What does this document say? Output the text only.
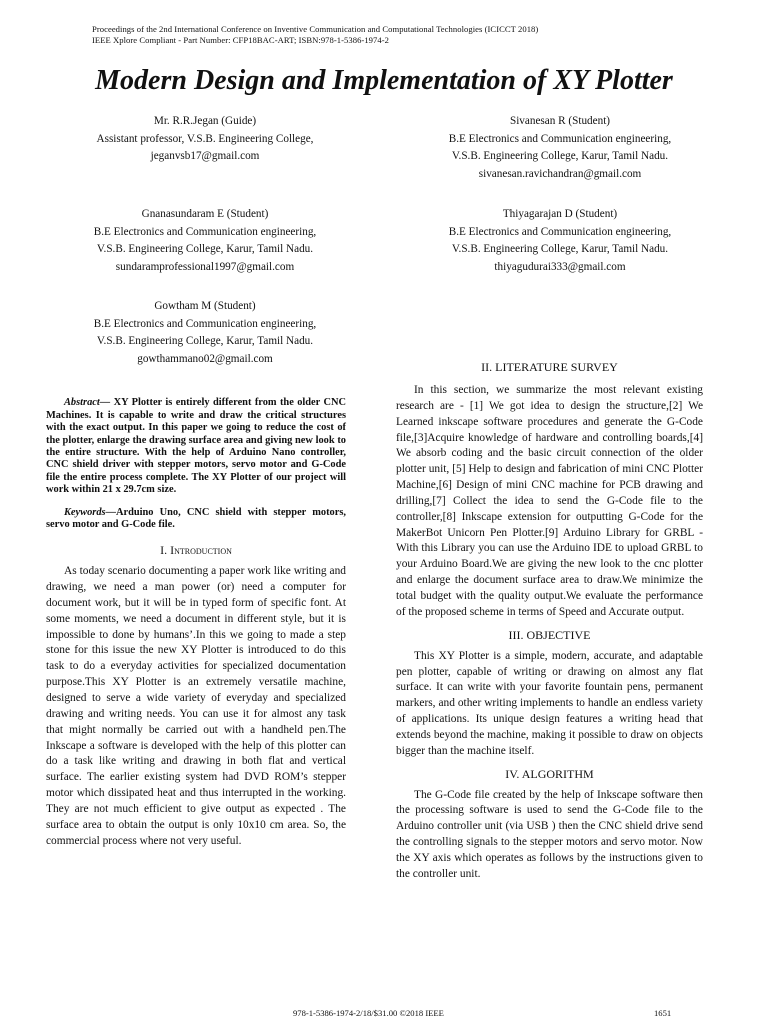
Proceedings of the 2nd International Conference on Inventive Communication and Computational Technologies (ICICCT 2018)
IEEE Xplore Compliant - Part Number: CFP18BAC-ART; ISBN:978-1-5386-1974-2
Modern Design and Implementation of XY Plotter
Mr. R.R.Jegan (Guide)
Assistant professor, V.S.B. Engineering College,
jeganvsb17@gmail.com
Sivanesan R (Student)
B.E Electronics and Communication engineering,
V.S.B. Engineering College, Karur, Tamil Nadu.
sivanesan.ravichandran@gmail.com
Gnanasundaram E (Student)
B.E Electronics and Communication engineering,
V.S.B. Engineering College, Karur, Tamil Nadu.
sundaramprofessional1997@gmail.com
Thiyagarajan D (Student)
B.E Electronics and Communication engineering,
V.S.B. Engineering College, Karur, Tamil Nadu.
thiyagudurai333@gmail.com
Gowtham M (Student)
B.E Electronics and Communication engineering,
V.S.B. Engineering College, Karur, Tamil Nadu.
gowthammano02@gmail.com

Abstract— XY Plotter is entirely different from the older CNC Machines. It is capable to write and draw the critical structures with the exact output. In this paper we going to reduce the cost of the plotter, enlarge the drawing surface area and giving new look to the entire structure. With the help of Arduino Nano controller, CNC shield driver with stepper motors, servo motor and G-Code file the entire process complete. The XY Plotter of our project will work within 21 x 29.7cm size.

Keywords—Arduino Uno, CNC shield with stepper motors, servo motor and G-Code file.

I. Introduction

As today scenario documenting a paper work like writing and drawing, we need a man power (or) need a computer for document work, but it will be in typed form of specific font. At some moments, we need a document in different style, but it is impossible to done by humans’.In this we going to made a step stone for this issue the new XY Plotter is introduced to do this task to do a everyday activities for specialized documentation purpose.This XY Plotter is an extremely versatile machine, designed to serve a wide variety of everyday and specialized drawing and writing needs. You can use it for almost any task that might normally be carried out with a handheld pen.The Inkscape a software is developed with the help of this plotter can do a task like writing and drawing in both flat and vertical surface. The earlier existing system had DVD ROM’s stepper motor which dissipated heat and thus interrupted in the working. They are not much efficient to give output as expected . The surface area to obtain the output is only 10x10 cm area. So, the commercial process where not very useful.

II. LITERATURE SURVEY

In this section, we summarize the most relevant existing research are - [1] We got idea to design the structure,[2] We Learned inkscape software procedures and generate the G-Code file,[3]Acquire knowledge of hardware and controlling boards,[4] We absorb coding and the basic circuit connection of the older plotter unit, [5] Help to design and fabrication of mini CNC Plotter Machine,[6] Design of mini CNC machine for PCB drawing and drilling,[7] Collect the idea to send the G-Code file to the controller,[8] Inkscape extension for outputting G-Code for the MakerBot Unicorn Pen Plotter.[9] Arduino Library for GRBL - With this Library you can use the Arduino IDE to upload GRBL to your Arduino Board.We are giving the new look to the cnc plotter and enlarge the document surface area to draw.We minimize the total budget with the quality output.We evaluate the performance of the proposed scheme in terms of Speed and Accurate output.

III. OBJECTIVE

This XY Plotter is a simple, modern, accurate, and adaptable pen plotter, capable of writing or drawing on almost any flat surface. It can write with your favorite fountain pens, permanent markers, and other writing implements to handle an endless variety of applications. Its unique design features a writing head that extends beyond the machine, making it possible to draw on objects bigger than the machine itself.

IV. ALGORITHM

The G-Code file created by the help of Inkscape software then the processing software is used to send the G-Code file to the Arduino controller unit (via USB ) then the CNC shield drive send the controlling signals to the stepper motors and servo motor. Now the XY axis which operates as follows by the instructions given to the controller unit.

978-1-5386-1974-2/18/$31.00 ©2018 IEEE	1651
